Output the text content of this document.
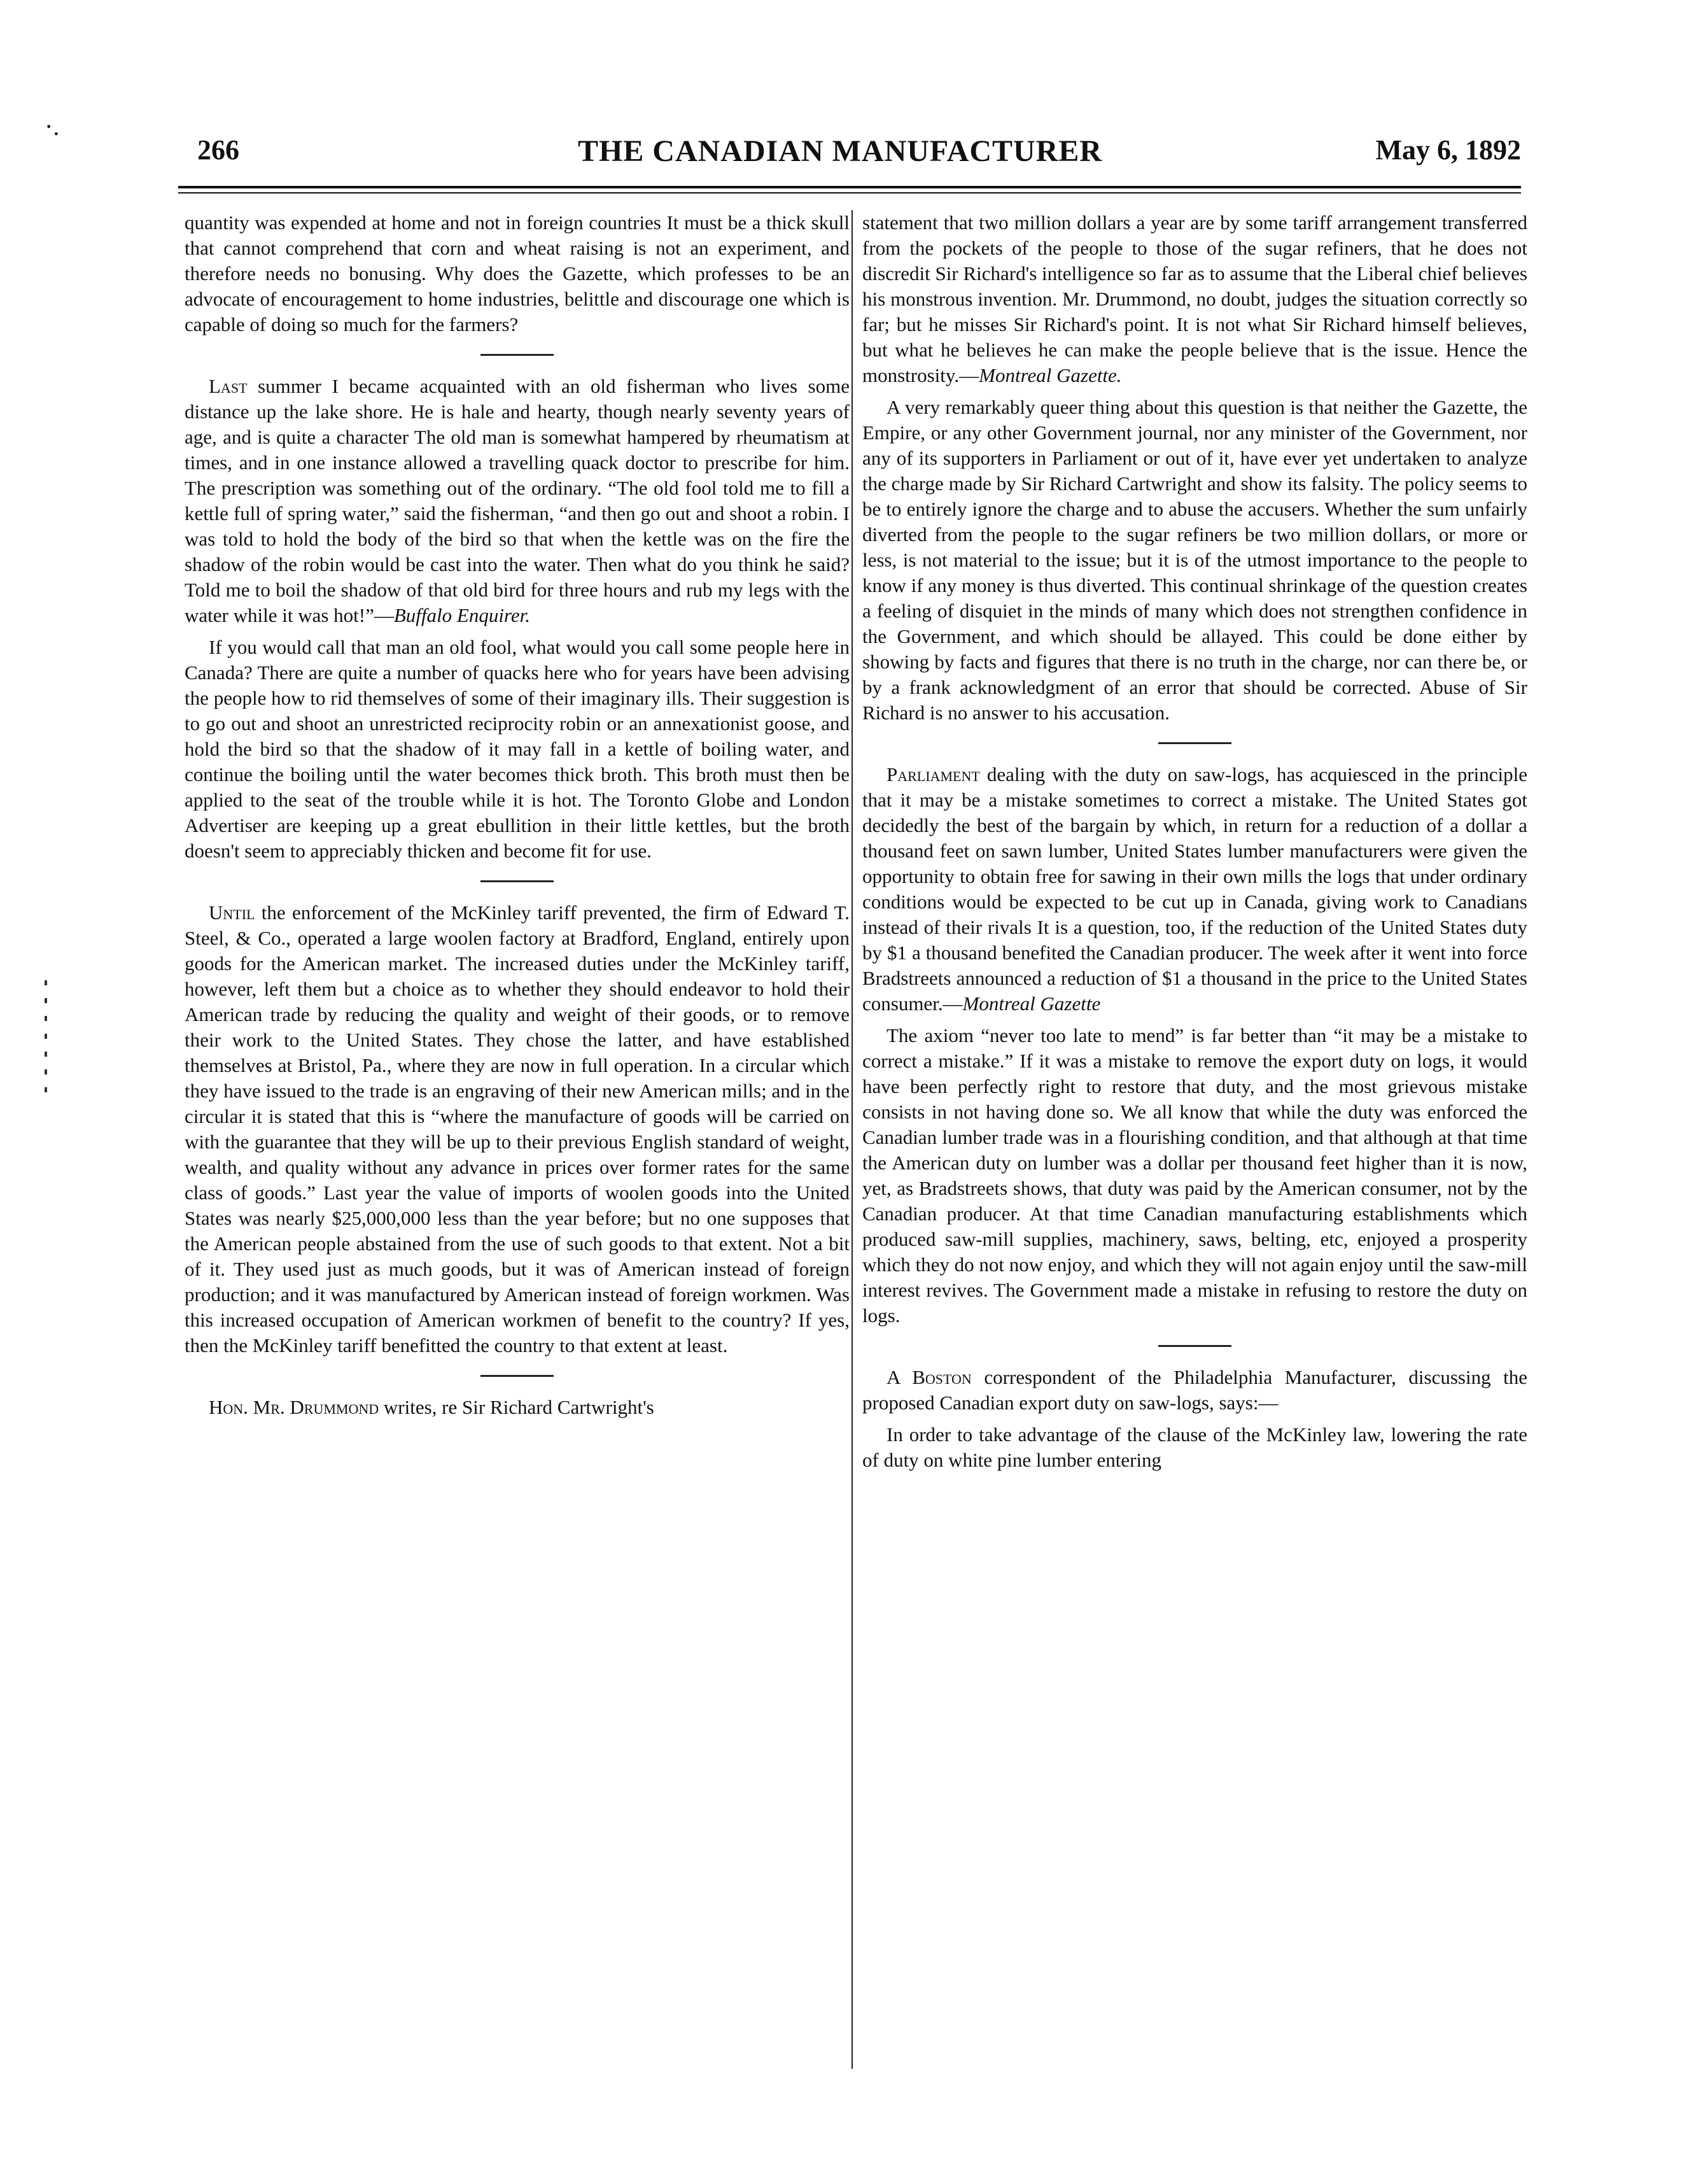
·.
266	THE CANADIAN MANUFACTURER	May 6, 1892

quantity was expended at home and not in foreign countries It must be a thick skull that cannot comprehend that corn and wheat raising is not an experiment, and therefore needs no bonusing. Why does the Gazette, which professes to be an advocate of encouragement to home industries, belittle and discourage one which is capable of doing so much for the farmers?

Last summer I became acquainted with an old fisherman who lives some distance up the lake shore. He is hale and hearty, though nearly seventy years of age, and is quite a character The old man is somewhat hampered by rheumatism at times, and in one instance allowed a travelling quack doctor to prescribe for him. The prescription was something out of the ordinary. “The old fool told me to fill a kettle full of spring water,” said the fisherman, “and then go out and shoot a robin. I was told to hold the body of the bird so that when the kettle was on the fire the shadow of the robin would be cast into the water. Then what do you think he said? Told me to boil the shadow of that old bird for three hours and rub my legs with the water while it was hot!”—Buffalo Enquirer.

If you would call that man an old fool, what would you call some people here in Canada? There are quite a number of quacks here who for years have been advising the people how to rid themselves of some of their imaginary ills. Their suggestion is to go out and shoot an unrestricted reciprocity robin or an annexationist goose, and hold the bird so that the shadow of it may fall in a kettle of boiling water, and continue the boiling until the water becomes thick broth. This broth must then be applied to the seat of the trouble while it is hot. The Toronto Globe and London Advertiser are keeping up a great ebullition in their little kettles, but the broth doesn't seem to appreciably thicken and become fit for use.

Until the enforcement of the McKinley tariff prevented, the firm of Edward T. Steel, & Co., operated a large woolen factory at Bradford, England, entirely upon goods for the American market. The increased duties under the McKinley tariff, however, left them but a choice as to whether they should endeavor to hold their American trade by reducing the quality and weight of their goods, or to remove their work to the United States. They chose the latter, and have established themselves at Bristol, Pa., where they are now in full operation. In a circular which they have issued to the trade is an engraving of their new American mills; and in the circular it is stated that this is “where the manufacture of goods will be carried on with the guarantee that they will be up to their previous English standard of weight, wealth, and quality without any advance in prices over former rates for the same class of goods.” Last year the value of imports of woolen goods into the United States was nearly $25,000,000 less than the year before; but no one supposes that the American people abstained from the use of such goods to that extent. Not a bit of it. They used just as much goods, but it was of American instead of foreign production; and it was manufactured by American instead of foreign workmen. Was this increased occupation of American workmen of benefit to the country? If yes, then the McKinley tariff benefitted the country to that extent at least.

Hon. Mr. Drummond writes, re Sir Richard Cartwright's

statement that two million dollars a year are by some tariff arrangement transferred from the pockets of the people to those of the sugar refiners, that he does not discredit Sir Richard's intelligence so far as to assume that the Liberal chief believes his monstrous invention. Mr. Drummond, no doubt, judges the situation correctly so far; but he misses Sir Richard's point. It is not what Sir Richard himself believes, but what he believes he can make the people believe that is the issue. Hence the monstrosity.—Montreal Gazette.

A very remarkably queer thing about this question is that neither the Gazette, the Empire, or any other Government journal, nor any minister of the Government, nor any of its supporters in Parliament or out of it, have ever yet undertaken to analyze the charge made by Sir Richard Cartwright and show its falsity. The policy seems to be to entirely ignore the charge and to abuse the accusers. Whether the sum unfairly diverted from the people to the sugar refiners be two million dollars, or more or less, is not material to the issue; but it is of the utmost importance to the people to know if any money is thus diverted. This continual shrinkage of the question creates a feeling of disquiet in the minds of many which does not strengthen confidence in the Government, and which should be allayed. This could be done either by showing by facts and figures that there is no truth in the charge, nor can there be, or by a frank acknowledgment of an error that should be corrected. Abuse of Sir Richard is no answer to his accusation.

Parliament dealing with the duty on saw-logs, has acquiesced in the principle that it may be a mistake sometimes to correct a mistake. The United States got decidedly the best of the bargain by which, in return for a reduction of a dollar a thousand feet on sawn lumber, United States lumber manufacturers were given the opportunity to obtain free for sawing in their own mills the logs that under ordinary conditions would be expected to be cut up in Canada, giving work to Canadians instead of their rivals It is a question, too, if the reduction of the United States duty by $1 a thousand benefited the Canadian producer. The week after it went into force Bradstreets announced a reduction of $1 a thousand in the price to the United States consumer.—Montreal Gazette

The axiom “never too late to mend” is far better than “it may be a mistake to correct a mistake.” If it was a mistake to remove the export duty on logs, it would have been perfectly right to restore that duty, and the most grievous mistake consists in not having done so. We all know that while the duty was enforced the Canadian lumber trade was in a flourishing condition, and that although at that time the American duty on lumber was a dollar per thousand feet higher than it is now, yet, as Bradstreets shows, that duty was paid by the American consumer, not by the Canadian producer. At that time Canadian manufacturing establishments which produced saw-mill supplies, machinery, saws, belting, etc, enjoyed a prosperity which they do not now enjoy, and which they will not again enjoy until the saw-mill interest revives. The Government made a mistake in refusing to restore the duty on logs.

A Boston correspondent of the Philadelphia Manufacturer, discussing the proposed Canadian export duty on saw-logs, says:—

In order to take advantage of the clause of the McKinley law, lowering the rate of duty on white pine lumber entering
